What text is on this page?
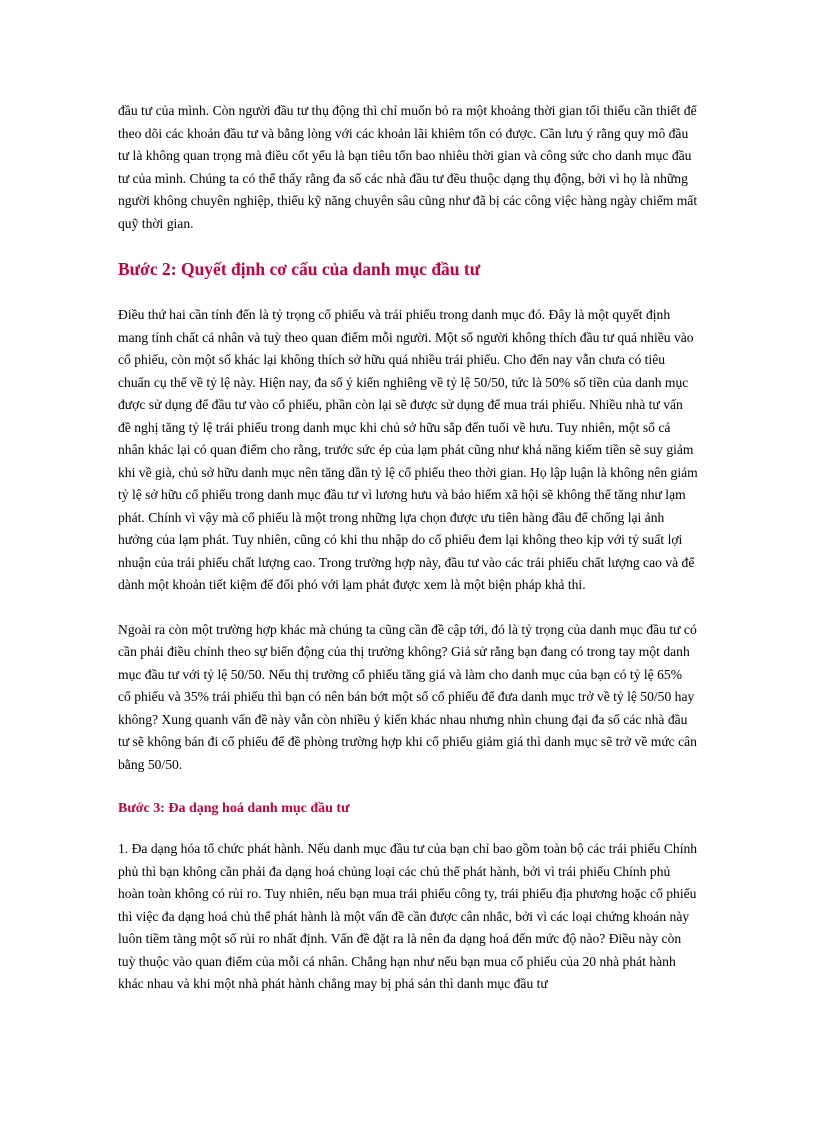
đầu tư của mình. Còn người đầu tư thụ động thì chỉ muốn bỏ ra một khoảng thời gian tối thiểu cần thiết để theo dõi các khoản đầu tư và bằng lòng với các khoản lãi khiêm tốn có được. Cần lưu ý rằng quy mô đầu tư là không quan trọng mà điều cốt yếu là bạn tiêu tốn bao nhiêu thời gian và công sức cho danh mục đầu tư của mình. Chúng ta có thể thấy rằng đa số các nhà đầu tư đều thuộc dạng thụ động, bởi vì họ là những người không chuyên nghiệp, thiếu kỹ năng chuyên sâu cũng như đã bị các công việc hàng ngày chiếm mất quỹ thời gian.

Bước 2: Quyết định cơ cấu của danh mục đầu tư

Điều thứ hai cần tính đến là tỷ trọng cổ phiếu và trái phiếu trong danh mục đó. Đây là một quyết định mang tính chất cá nhân và tuỳ theo quan điểm mỗi người. Một số người không thích đầu tư quá nhiều vào cổ phiếu, còn một số khác lại không thích sở hữu quá nhiều trái phiếu. Cho đến nay vẫn chưa có tiêu chuẩn cụ thể về tỷ lệ này. Hiện nay, đa số ý kiến nghiêng về tỷ lệ 50/50, tức là 50% số tiền của danh mục được sử dụng để đầu tư vào cổ phiếu, phần còn lại sẽ được sử dụng để mua trái phiếu. Nhiều nhà tư vấn đề nghị tăng tỷ lệ trái phiếu trong danh mục khi chủ sở hữu sắp đến tuổi về hưu. Tuy nhiên, một số cá nhân khác lại có quan điểm cho rằng, trước sức ép của lạm phát cũng như khả năng kiếm tiền sẽ suy giảm khi về già, chủ sở hữu danh mục nên tăng dần tỷ lệ cổ phiếu theo thời gian. Họ lập luận là không nên giảm tỷ lệ sở hữu cổ phiếu trong danh mục đầu tư vì lương hưu và bảo hiểm xã hội sẽ không thể tăng như lạm phát. Chính vì vậy mà cổ phiếu là một trong những lựa chọn được ưu tiên hàng đầu để chống lại ảnh hưởng của lạm phát. Tuy nhiên, cũng có khi thu nhập do cổ phiếu đem lại không theo kịp với tỷ suất lợi nhuận của trái phiếu chất lượng cao. Trong trường hợp này, đầu tư vào các trái phiếu chất lượng cao và để dành một khoản tiết kiệm để đối phó với lạm phát được xem là một biện pháp khả thi.

Ngoài ra còn một trường hợp khác mà chúng ta cũng cần đề cập tới, đó là tỷ trọng của danh mục đầu tư có cần phải điều chỉnh theo sự biến động của thị trường không? Giả sử rằng bạn đang có trong tay một danh mục đầu tư với tỷ lệ 50/50. Nếu thị trường cổ phiếu tăng giá và làm cho danh mục của bạn có tỷ lệ 65% cổ phiếu và 35% trái phiếu thì bạn có nên bán bớt một số cổ phiếu để đưa danh mục trở về tỷ lệ 50/50 hay không? Xung quanh vấn đề này vẫn còn nhiều ý kiến khác nhau nhưng nhìn chung đại đa số các nhà đầu tư sẽ không bán đi cổ phiếu để đề phòng trường hợp khi cổ phiếu giảm giá thì danh mục sẽ trở về mức cân bằng 50/50.

Bước 3: Đa dạng hoá danh mục đầu tư

1. Đa dạng hóa tổ chức phát hành. Nếu danh mục đầu tư của bạn chỉ bao gồm toàn bộ các trái phiếu Chính phủ thì bạn không cần phải đa dạng hoá chủng loại các chủ thể phát hành, bởi vì trái phiếu Chính phủ hoàn toàn không có rủi ro. Tuy nhiên, nếu bạn mua trái phiếu công ty, trái phiếu địa phương hoặc cổ phiếu thì việc đa dạng hoá chủ thể phát hành là một vấn đề cần được cân nhắc, bởi vì các loại chứng khoán này luôn tiềm tàng một số rủi ro nhất định. Vấn đề đặt ra là nên đa dạng hoá đến mức độ nào? Điều này còn tuỳ thuộc vào quan điểm của mỗi cá nhân. Chẳng hạn như nếu bạn mua cổ phiếu của 20 nhà phát hành khác nhau và khi một nhà phát hành chẳng may bị phá sản thì danh mục đầu tư
